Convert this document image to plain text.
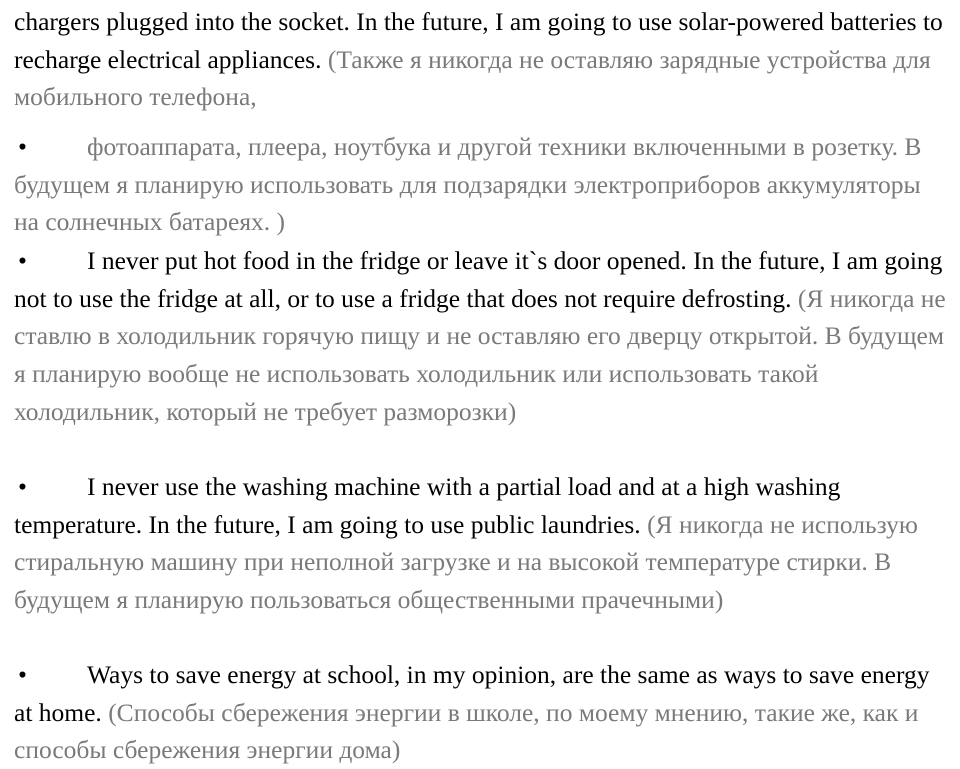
chargers plugged into the socket. In the future, I am going to use solar-powered batteries to recharge electrical appliances. (Также я никогда не оставляю зарядные устройства для мобильного телефона,

• фотоаппарата, плеера, ноутбука и другой техники включенными в розетку. В будущем я планирую использовать для подзарядки электроприборов аккумуляторы на солнечных батареях. )

• I never put hot food in the fridge or leave it`s door opened. In the future, I am going not to use the fridge at all, or to use a fridge that does not require defrosting. (Я никогда не ставлю в холодильник горячую пищу и не оставляю его дверцу открытой. В будущем я планирую вообще не использовать холодильник или использовать такой холодильник, который не требует разморозки)

• I never use the washing machine with a partial load and at a high washing temperature. In the future, I am going to use public laundries. (Я никогда не использую стиральную машину при неполной загрузке и на высокой температуре стирки. В будущем я планирую пользоваться общественными прачечными)

• Ways to save energy at school, in my opinion, are the same as ways to save energy at home. (Способы сбережения энергии в школе, по моему мнению, такие же, как и способы сбережения энергии дома)
